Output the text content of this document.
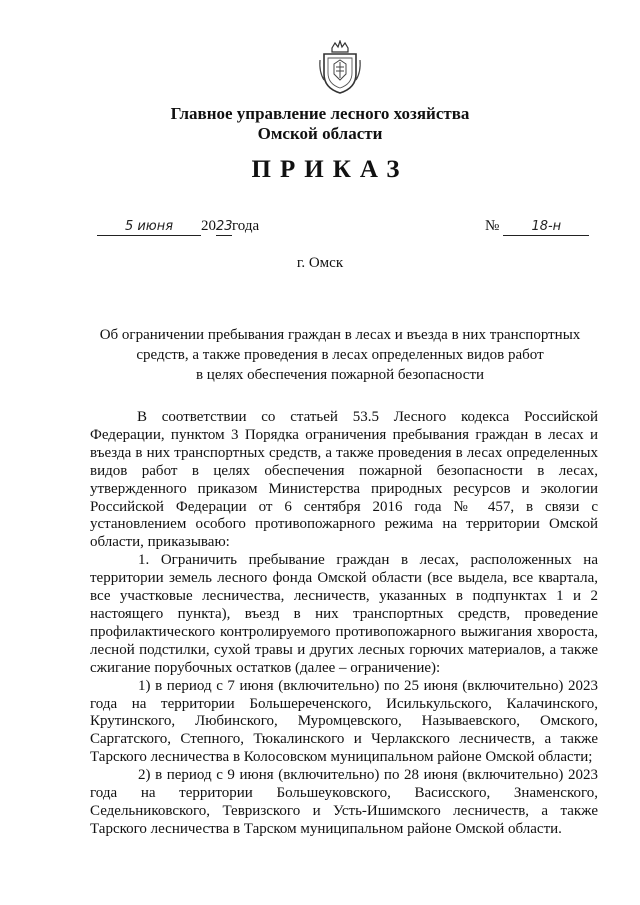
Главное управление лесного хозяйства
Омской области
ПРИКАЗ
5 июня 2023года	№ 18-н
г. Омск
Об ограничении пребывания граждан в лесах и въезда в них транспортных
средств, а также проведения в лесах определенных видов работ
в целях обеспечения пожарной безопасности

В соответствии со статьей 53.5 Лесного кодекса Российской Федерации, пунктом 3 Порядка ограничения пребывания граждан в лесах и въезда в них транспортных средств, а также проведения в лесах определенных видов работ в целях обеспечения пожарной безопасности в лесах, утвержденного приказом Министерства природных ресурсов и экологии Российской Федерации от 6 сентября 2016 года № 457, в связи с установлением особого противопожарного режима на территории Омской области, приказываю:

1. Ограничить пребывание граждан в лесах, расположенных на территории земель лесного фонда Омской области (все выдела, все квартала, все участковые лесничества, лесничеств, указанных в подпунктах 1 и 2 настоящего пункта), въезд в них транспортных средств, проведение профилактического контролируемого противопожарного выжигания хворостa, лесной подстилки, сухой травы и других лесных горючих материалов, а также сжигание порубочных остатков (далее – ограничение):

1) в период с 7 июня (включительно) по 25 июня (включительно) 2023 года на территории Большереченского, Исилькульского, Калачинского, Крутинского, Любинского, Муромцевского, Называевского, Омского, Саргатского, Степного, Тюкалинского и Черлакского лесничеств, а также Тарского лесничества в Колосовском муниципальном районе Омской области;

2) в период с 9 июня (включительно) по 28 июня (включительно) 2023 года на территории Большеуковского, Васисского, Знаменского, Седельниковского, Тевризского и Усть-Ишимского лесничеств, а также Тарского лесничества в Тарском муниципальном районе Омской области.
